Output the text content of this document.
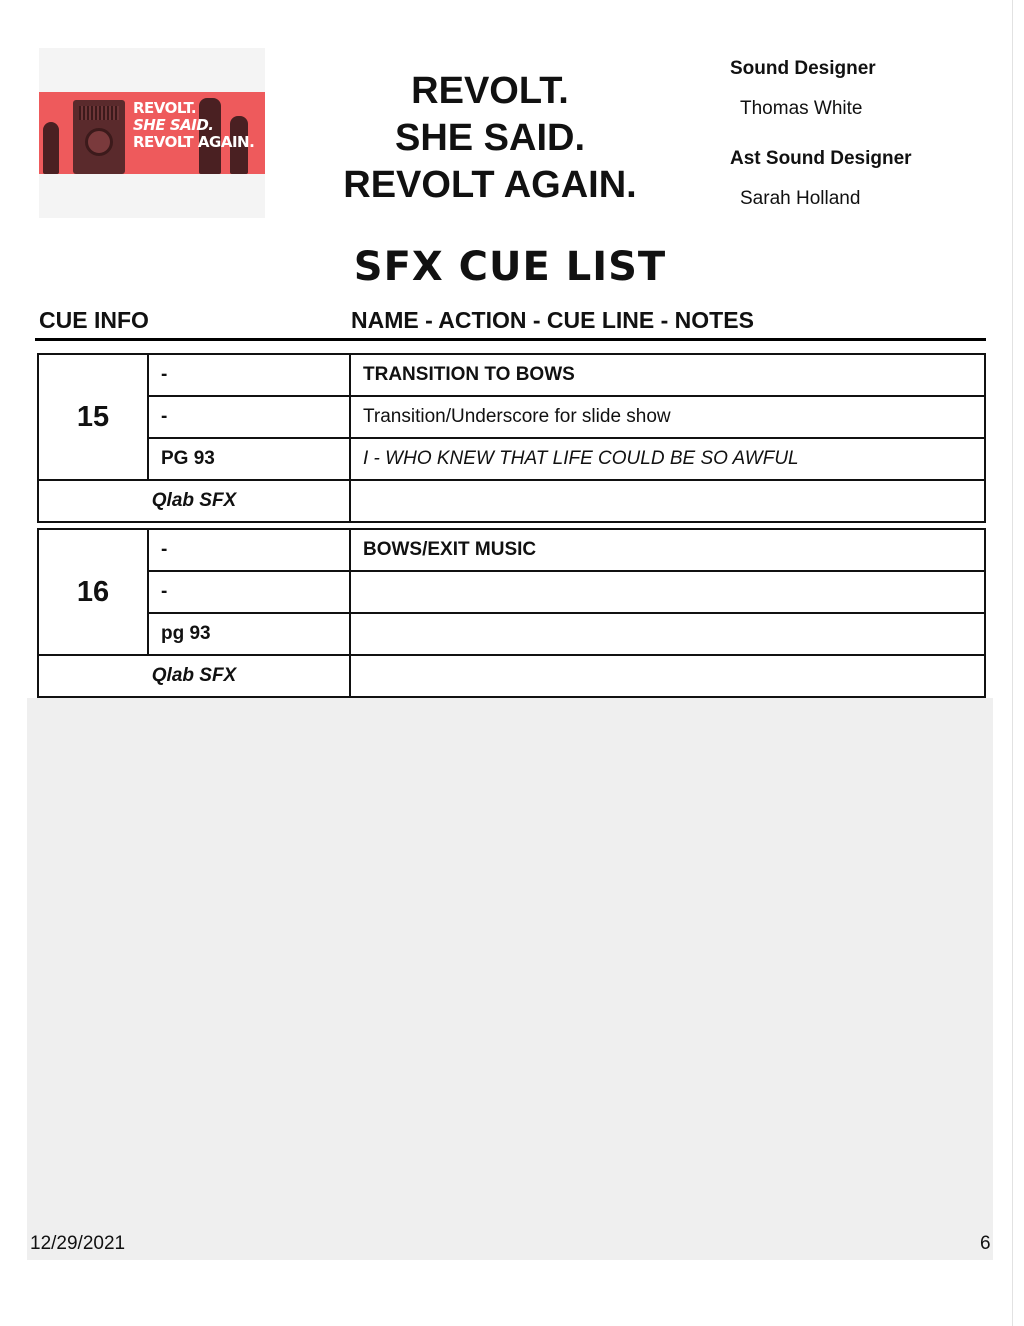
REVOLT.
SHE SAID.
REVOLT AGAIN.
REVOLT.
SHE SAID.
REVOLT AGAIN.
Sound Designer
Thomas White
Ast Sound Designer
Sarah Holland
SFX CUE LIST
CUE INFO	NAME - ACTION - CUE LINE - NOTES
15	-	TRANSITION TO BOWS
	-	Transition/Underscore for slide show
	PG 93	I - WHO KNEW THAT LIFE COULD BE SO AWFUL
Qlab SFX		
16	-	BOWS/EXIT MUSIC
	-	
	pg 93	
Qlab SFX		
12/29/2021	6
